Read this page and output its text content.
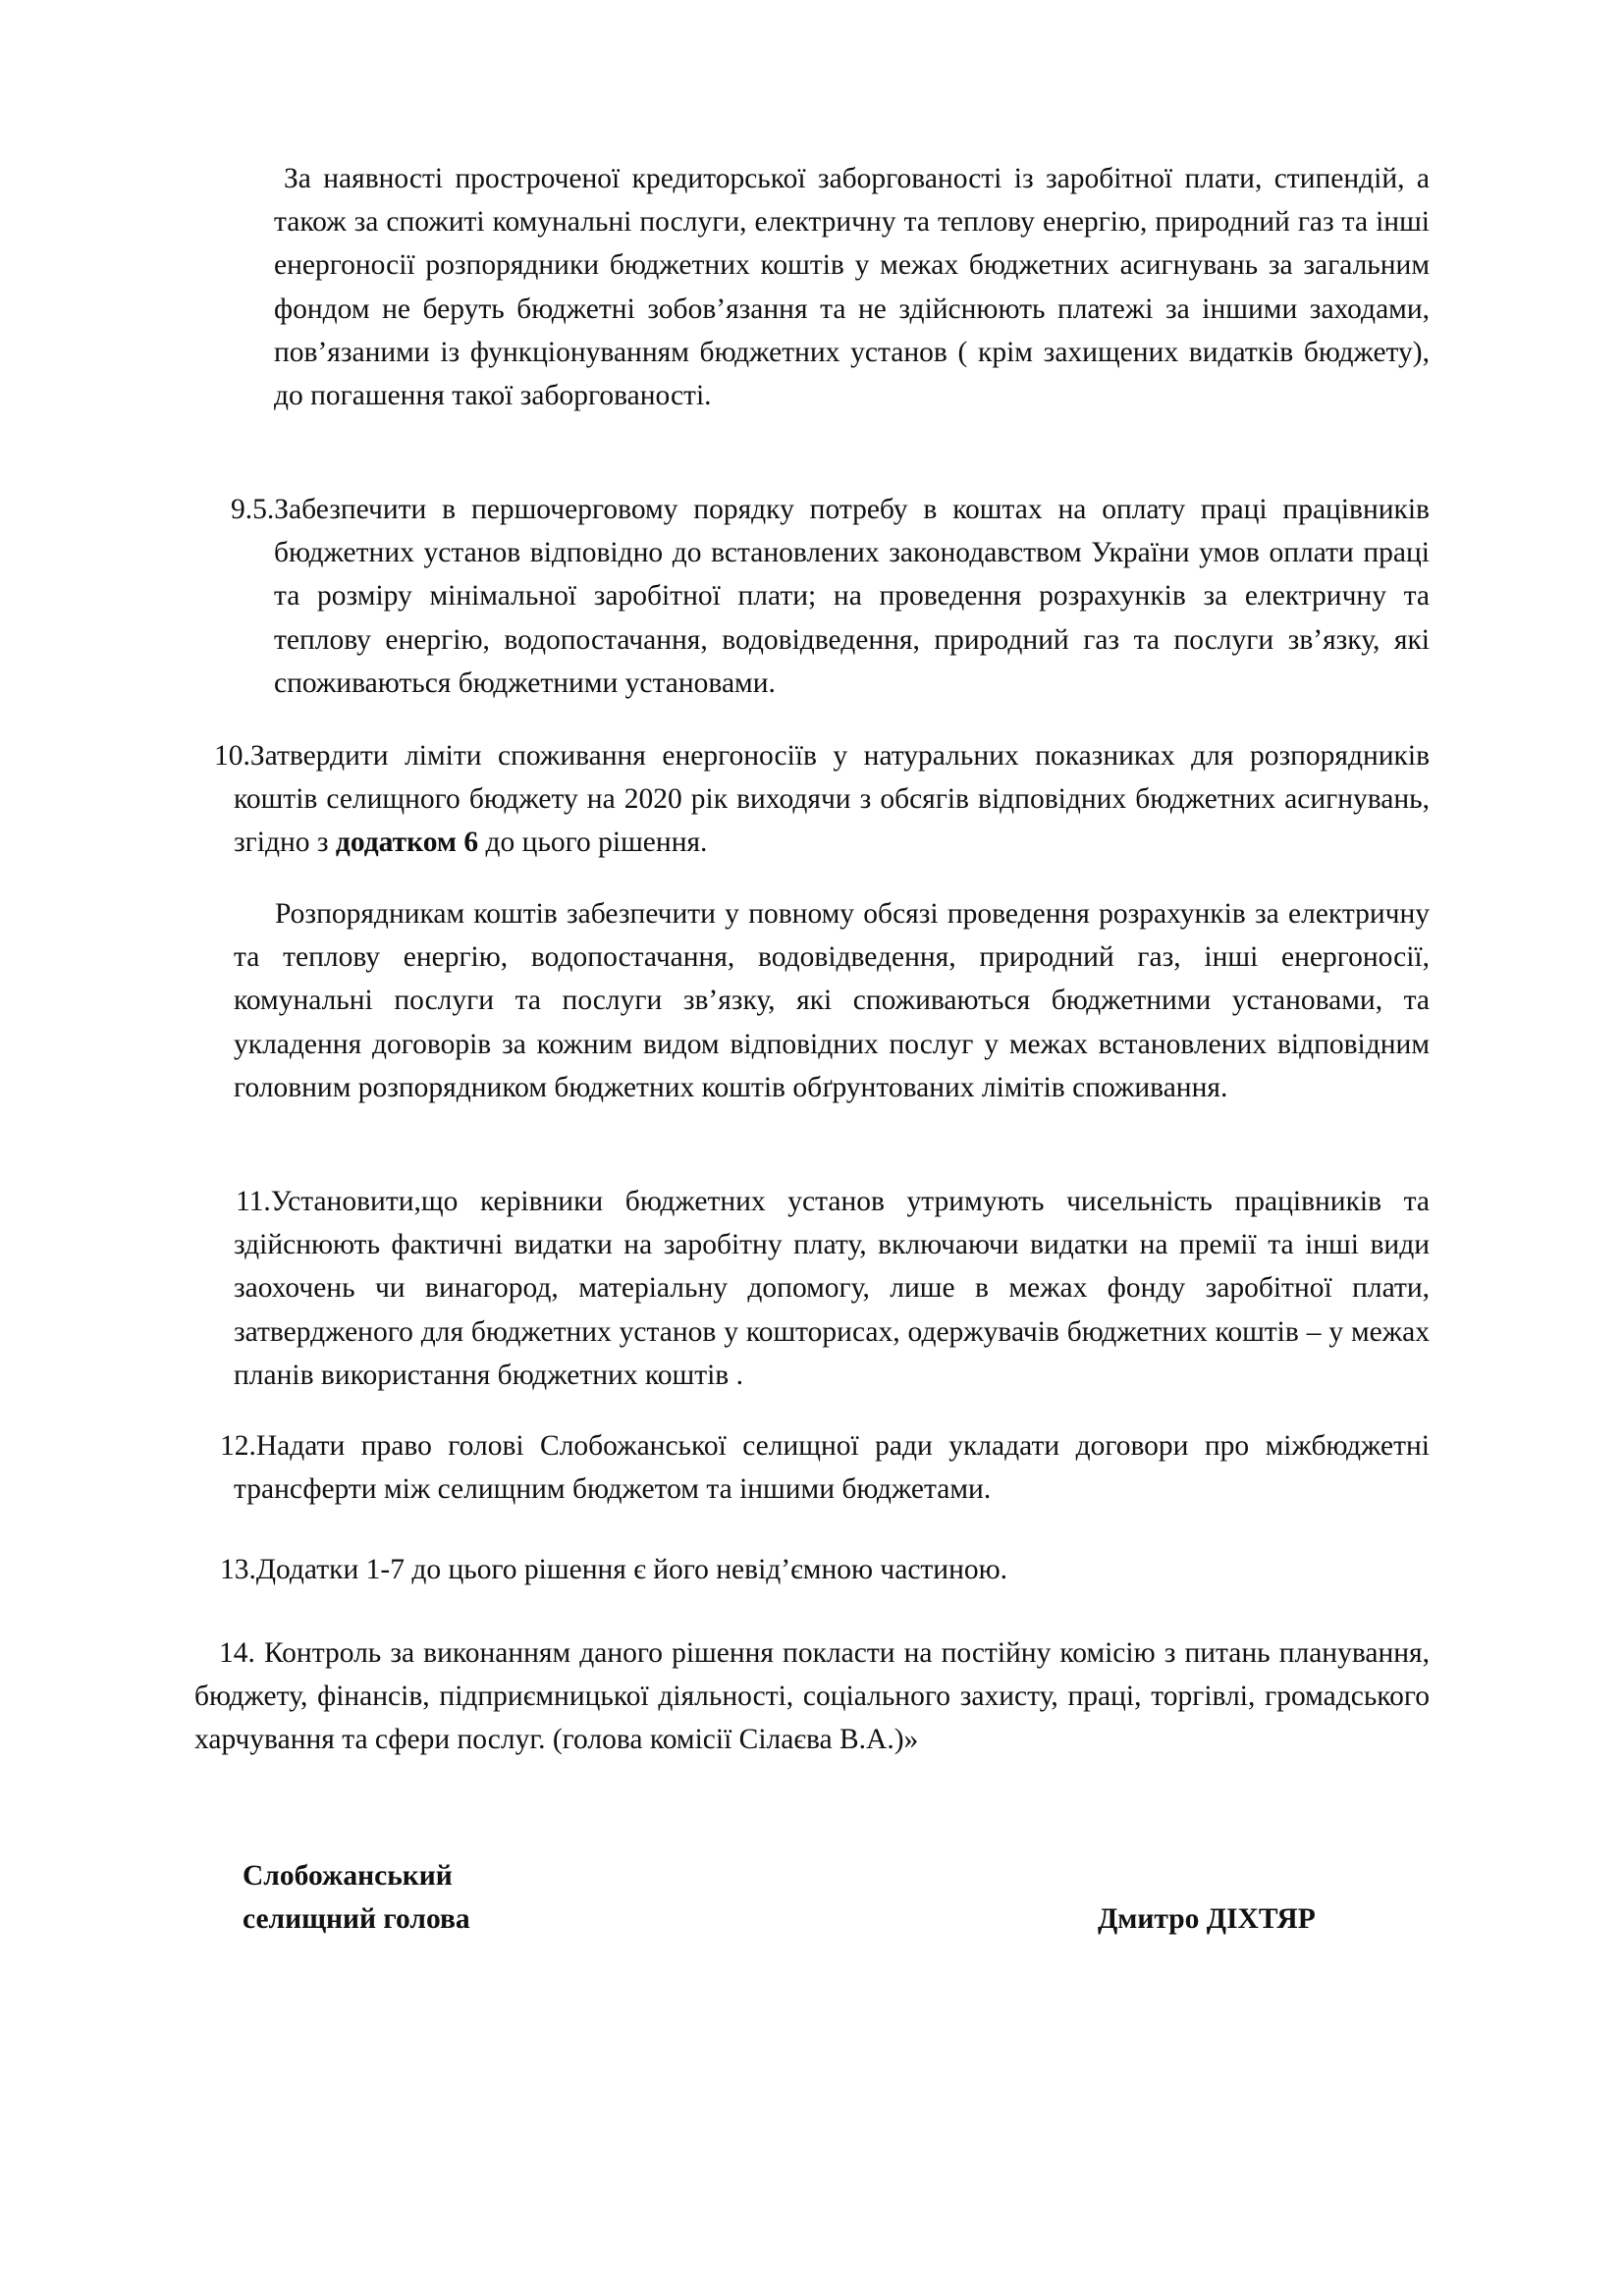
За наявності простроченої кредиторської заборгованості із заробітної плати, стипендій, а також за спожиті комунальні послуги, електричну та теплову енергію, природний газ та інші енергоносії розпорядники бюджетних коштів у межах бюджетних асигнувань за загальним фондом не беруть бюджетні зобов’язання та не здійснюють платежі за іншими заходами, пов’язаними із функціонуванням бюджетних установ ( крім захищених видатків бюджету), до погашення такої заборгованості.

9.5.Забезпечити в першочерговому порядку потребу в коштах на оплату праці працівників бюджетних установ відповідно до встановлених законодавством України умов оплати праці та розміру мінімальної заробітної плати; на проведення розрахунків за електричну та теплову енергію, водопостачання, водовідведення, природний газ та послуги зв’язку, які споживаються бюджетними установами.

10.Затвердити ліміти споживання енергоносіїв у натуральних показниках для розпорядників коштів селищного бюджету на 2020 рік виходячи з обсягів відповідних бюджетних асигнувань, згідно з додатком 6 до цього рішення.

Розпорядникам коштів забезпечити у повному обсязі проведення розрахунків за електричну та теплову енергію, водопостачання, водовідведення, природний газ, інші енергоносії, комунальні послуги та послуги зв’язку, які споживаються бюджетними установами, та укладення договорів за кожним видом відповідних послуг у межах встановлених відповідним головним розпорядником бюджетних коштів обґрунтованих лімітів споживання.

11.Установити,що керівники бюджетних установ утримують чисельність працівників та здійснюють фактичні видатки на заробітну плату, включаючи видатки на премії та інші види заохочень чи винагород, матеріальну допомогу, лише в межах фонду заробітної плати, затвердженого для бюджетних установ у кошторисах, одержувачів бюджетних коштів – у межах планів використання бюджетних коштів .

12.Надати право голові Слобожанської селищної ради укладати договори про міжбюджетні трансферти між селищним бюджетом та іншими бюджетами.

13.Додатки 1-7 до цього рішення є його невід’ємною частиною.

14. Контроль за виконанням даного рішення покласти на постійну комісію з питань планування, бюджету, фінансів, підприємницької діяльності, соціального захисту, праці, торгівлі, громадського харчування та сфери послуг. (голова комісії Сілаєва В.А.)»

Слобожанський
селищний голова	Дмитро ДІХТЯР
